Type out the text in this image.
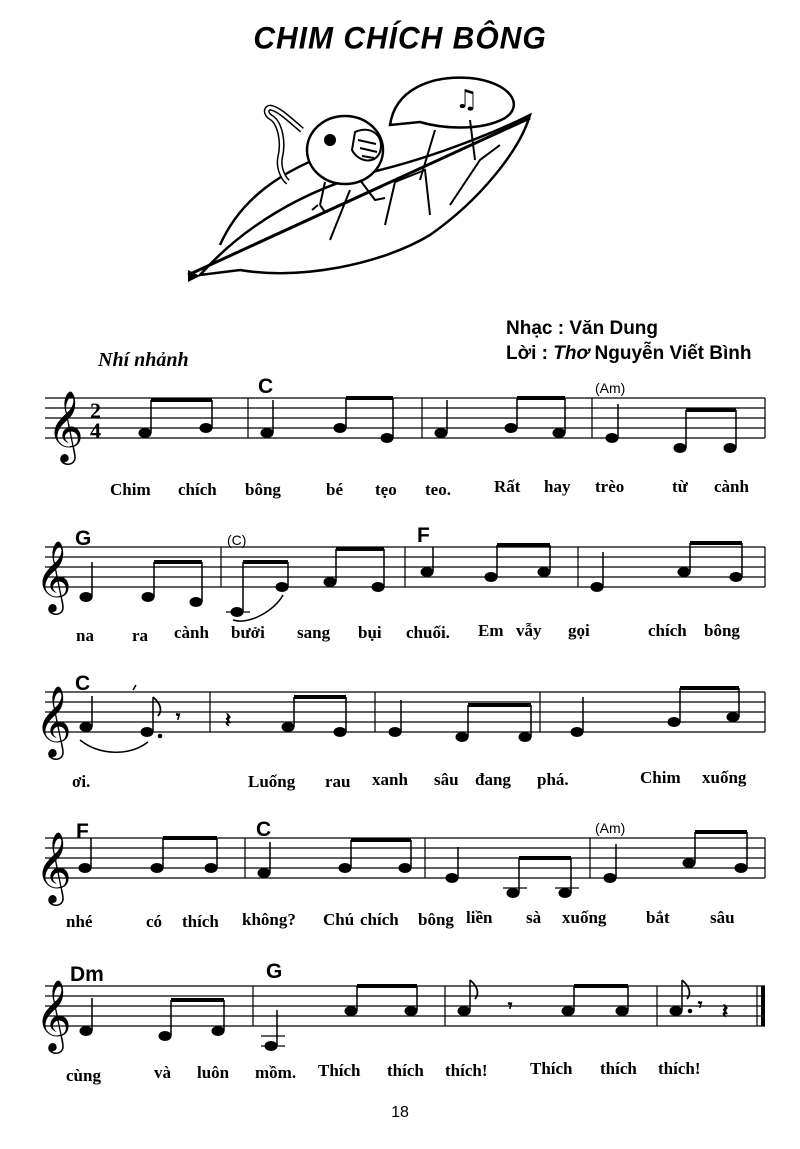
CHIM CHÍCH BÔNG
♫
Nhạc : Văn Dung
Lời : Thơ Nguyễn Viết Bình
Nhí nhảnh
𝄞 2
4
C	(Am)
Chim chích bông	bé tẹo teo.	Rất hay trèo	từ cành
𝄞
G	(C)	F
na ra cành bưởi sang bụi chuối. Em vẫy gọi	chích bông
𝄞
C
𝄾 𝄽
ơi.	Luống rau xanh sâu đang phá.	Chim xuống
𝄞 F	C	(Am)
nhé	có thích không? Chú chích bông liền sà xuống bắt sâu
𝄞
Dm	G
𝄾	𝄾 𝄽
cùng	và luôn mồm. Thích thích thích!	Thích thích thích!
18
